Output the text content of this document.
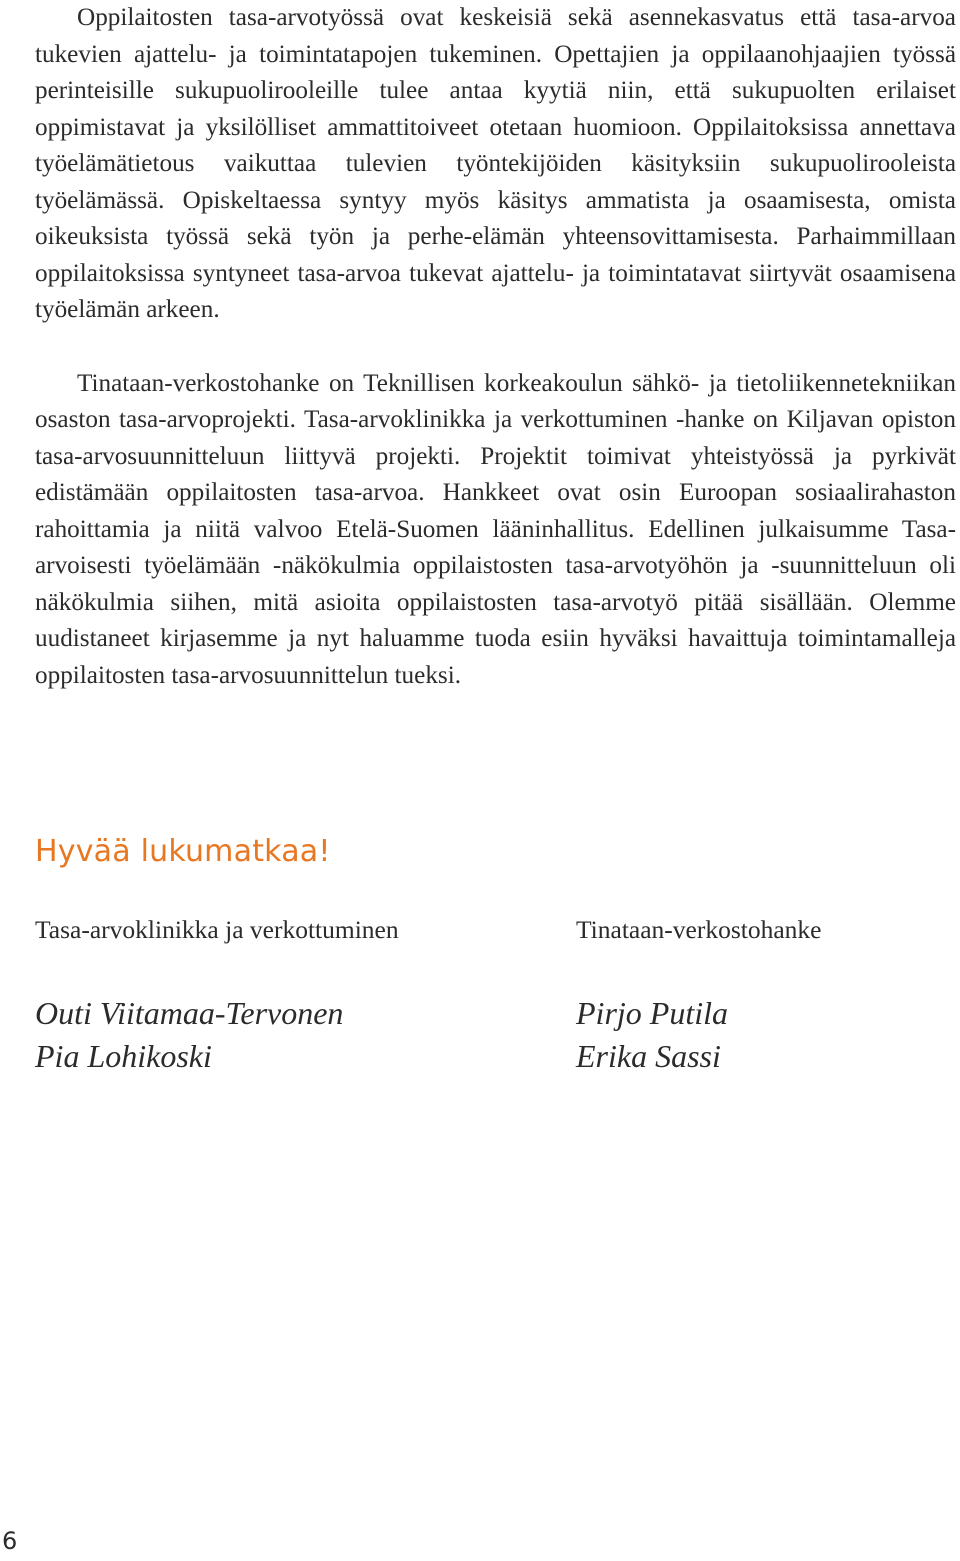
Oppilaitosten tasa-arvotyössä ovat keskeisiä sekä asennekasvatus että tasa-arvoa tukevien ajattelu- ja toimintatapojen tukeminen. Opettajien ja oppilaanohjaajien työssä perinteisille sukupuolirooleille tulee antaa kyytiä niin, että sukupuolten erilaiset oppimistavat ja yksilölliset ammattitoiveet otetaan huomioon. Oppilaitoksissa annettava työelämätietous vaikuttaa tulevien työntekijöiden käsityksiin sukupuolirooleista työelämässä. Opiskeltaessa syntyy myös käsitys ammatista ja osaamisesta, omista oikeuksista työssä sekä työn ja perhe-elämän yhteensovittamisesta. Parhaimmillaan oppilaitoksissa syntyneet tasa-arvoa tukevat ajattelu- ja toimintatavat siirtyvät osaamisena työelämän arkeen.

Tinataan-verkostohanke on Teknillisen korkeakoulun sähkö- ja tietoliikennetekniikan osaston tasa-arvoprojekti. Tasa-arvoklinikka ja verkottuminen -hanke on Kiljavan opiston tasa-arvosuunnitteluun liittyvä projekti. Projektit toimivat yhteistyössä ja pyrkivät edistämään oppilaitosten tasa-arvoa. Hankkeet ovat osin Euroopan sosiaalirahaston rahoittamia ja niitä valvoo Etelä-Suomen lääninhallitus. Edellinen julkaisumme Tasa-arvoisesti työelämään -näkökulmia oppilaistosten tasa-arvotyöhön ja -suunnitteluun oli näkökulmia siihen, mitä asioita oppilaistosten tasa-arvotyö pitää sisällään. Olemme uudistaneet kirjasemme ja nyt haluamme tuoda esiin hyväksi havaittuja toimintamalleja oppilaitosten tasa-arvosuunnittelun tueksi.

Hyvää lukumatkaa!

Tasa-arvoklinikka ja verkottuminen

Outi Viitamaa-Tervonen
Pia Lohikoski

Tinataan-verkostohanke

Pirjo Putila
Erika Sassi
6
